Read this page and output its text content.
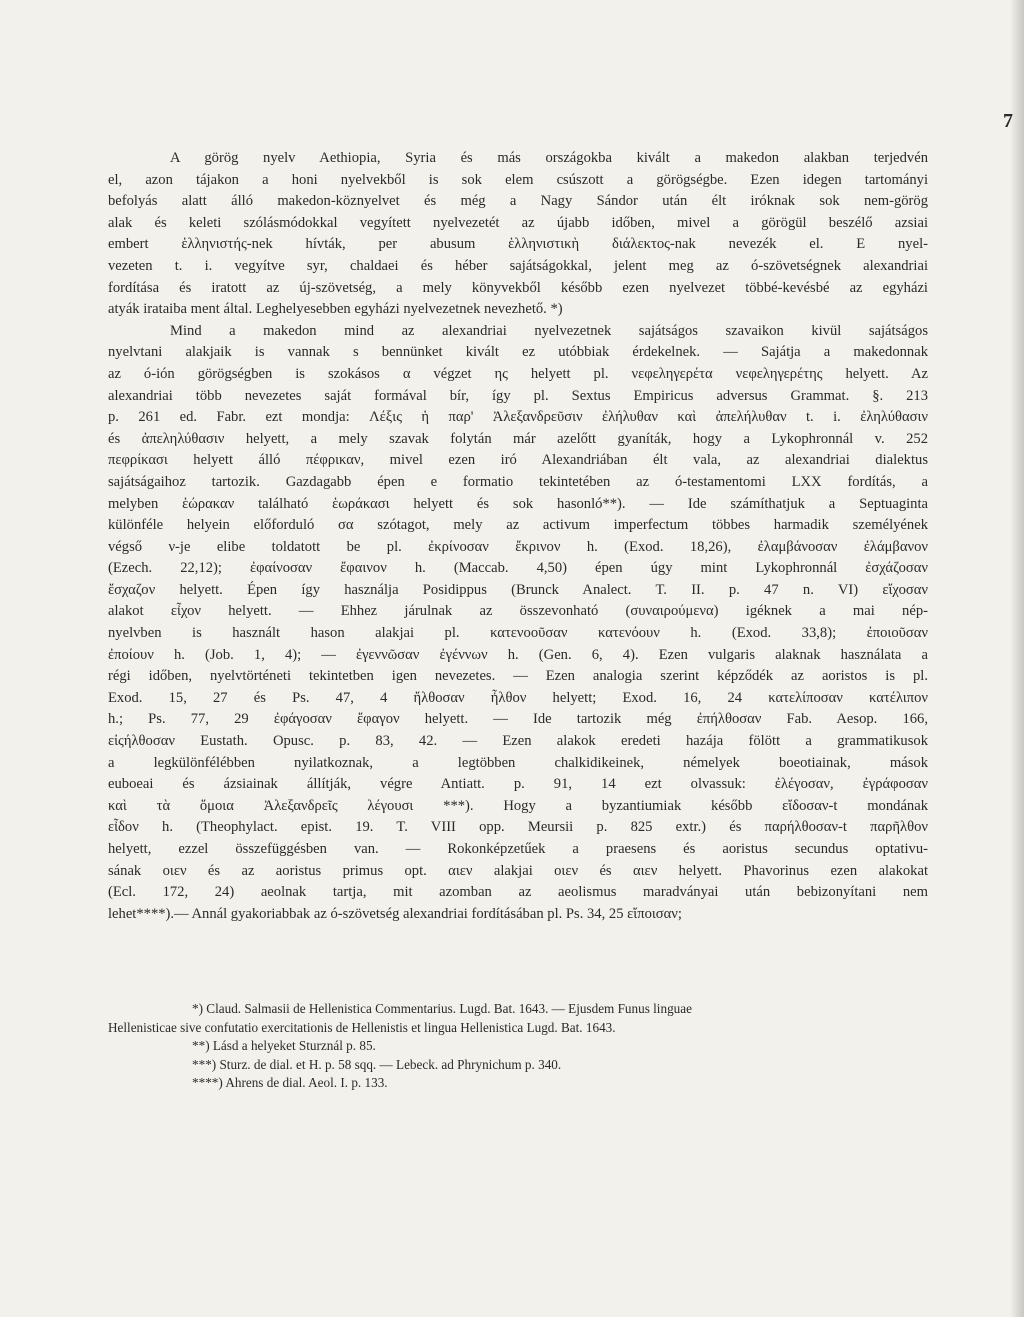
7
A görög nyelv Aethiopia, Syria és más országokba kivált a makedon alakban terjedvén
el, azon tájakon a honi nyelvekből is sok elem csúszott a görögségbe. Ezen idegen tartományi
befolyás alatt álló makedon-köznyelvet és még a Nagy Sándor után élt iróknak sok nem-görög
alak és keleti szólásmódokkal vegyített nyelvezetét az újabb időben, mivel a görögül beszélő azsiai
embert ἑλληνιστής-nek hívták, per abusum ἑλληνιστικὴ διάλεκτος-nak nevezék el. E nyel-
vezeten t. i. vegyítve syr, chaldaei és héber sajátságokkal, jelent meg az ó-szövetségnek alexandriai
fordítása és iratott az új-szövetség, a mely könyvekből később ezen nyelvezet többé-kevésbé az egyházi
atyák irataiba ment által. Leghelyesebben egyházi nyelvezetnek nevezhető. *)
Mind a makedon mind az alexandriai nyelvezetnek sajátságos szavaikon kivül sajátságos
nyelvtani alakjaik is vannak s bennünket kivált ez utóbbiak érdekelnek. — Sajátja a makedonnak
az ó-ión görögségben is szokásos α végzet ης helyett pl. νεφεληγερέτα νεφεληγερέτης helyett. Az
alexandriai több nevezetes saját formával bír, így pl. Sextus Empiricus adversus Grammat. §. 213
p. 261 ed. Fabr. ezt mondja: Λέξις ἡ παρ' Ἀλεξανδρεῦσιν ἐλήλυθαν καὶ ἀπελήλυθαν t. i. ἐληλύθασιν
és ἀπεληλύθασιν helyett, a mely szavak folytán már azelőtt gyaníták, hogy a Lykophronnál v. 252
πεφρίκασι helyett álló πέφρικαν, mivel ezen iró Alexandriában élt vala, az alexandriai dialektus
sajátságaihoz tartozik. Gazdagabb épen e formatio tekintetében az ó-testamentomi LXX fordítás, a
melyben ἑώρακαν található ἑωράκασι helyett és sok hasonló**). — Ide számíthatjuk a Septuaginta
különféle helyein előforduló σα szótagot, mely az activum imperfectum többes harmadik személyének
végső ν-je elibe toldatott be pl. ἐκρίνοσαν ἔκρινον h. (Exod. 18,26), ἐλαμβάνοσαν ἐλάμβανον
(Ezech. 22,12); ἐφαίνοσαν ἔφαινον h. (Maccab. 4,50) épen úgy mint Lykophronnál ἐσχάζοσαν
ἔσχαζον helyett. Épen így használja Posidippus (Brunck Analect. T. II. p. 47 n. VI) εἴχοσαν
alakot εἶχον helyett. — Ehhez járulnak az összevonható (συναιρούμενα) igéknek a mai nép-
nyelvben is használt hason alakjai pl. κατενοοῦσαν κατενόουν h. (Exod. 33,8); ἐποιοῦσαν
ἐποίουν h. (Job. 1, 4); — ἐγεννῶσαν ἐγέννων h. (Gen. 6, 4). Ezen vulgaris alaknak használata a
régi időben, nyelvtörténeti tekintetben igen nevezetes. — Ezen analogia szerint képződék az aoristos is pl.
Exod. 15, 27 és Ps. 47, 4 ἤλθοσαν ἦλθον helyett; Exod. 16, 24 κατελίποσαν κατέλιπον
h.; Ps. 77, 29 ἐφάγοσαν ἔφαγον helyett. — Ide tartozik még ἐπήλθοσαν Fab. Aesop. 166,
εἰςήλθοσαν Eustath. Opusc. p. 83, 42. — Ezen alakok eredeti hazája fölött a grammatikusok
a legkülönfélébben nyilatkoznak, a legtöbben chalkidikeinek, némelyek boeotiainak, mások
euboeai és ázsiainak állítják, végre Antiatt. p. 91, 14 ezt olvassuk: ἐλέγοσαν, ἐγράφοσαν
καὶ τὰ ὅμοια Ἀλεξανδρεῖς λέγουσι ***). Hogy a byzantiumiak később εἴδοσαν-t mondának
εἶδον h. (Theophylact. epist. 19. T. VIII opp. Meursii p. 825 extr.) és παρήλθοσαν-t παρῆλθον
helyett, ezzel összefüggésben van. — Rokonképzetűek a praesens és aoristus secundus optativu-
sának οιεν és az aoristus primus opt. αιεν alakjai οιεν és αιεν helyett. Phavorinus ezen alakokat
(Ecl. 172, 24) aeolnak tartja, mit azomban az aeolismus maradványai után bebizonyítani nem
lehet****).— Annál gyakoriabbak az ó-szövetség alexandriai fordításában pl. Ps. 34, 25 εἴποισαν;
*) Claud. Salmasii de Hellenistica Commentarius. Lugd. Bat. 1643. — Ejusdem Funus linguae
Hellenisticae sive confutatio exercitationis de Hellenistis et lingua Hellenistica Lugd. Bat. 1643.
**) Lásd a helyeket Sturznál p. 85.
***) Sturz. de dial. et H. p. 58 sqq. — Lebeck. ad Phrynichum p. 340.
****) Ahrens de dial. Aeol. I. p. 133.
